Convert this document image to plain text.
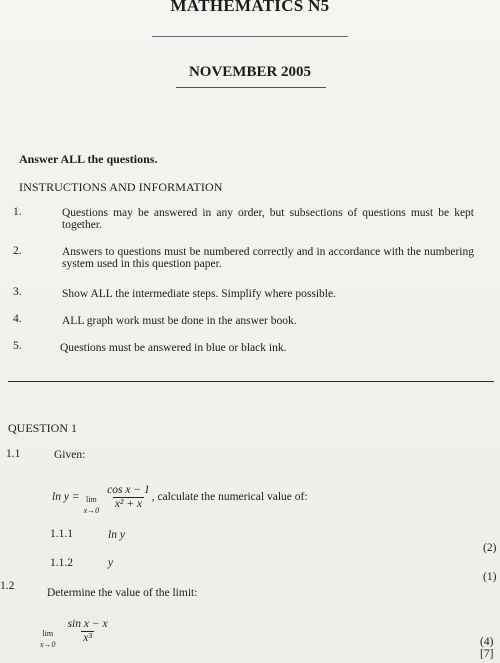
MATHEMATICS N5
NOVEMBER 2005
Answer ALL the questions.
INSTRUCTIONS AND INFORMATION
1.	Questions may be answered in any order, but subsections of questions must be kept together.
2.	Answers to questions must be numbered correctly and in accordance with the numbering system used in this question paper.
3.	Show ALL the intermediate steps. Simplify where possible.
4.	ALL graph work must be done in the answer book.
5.	Questions must be answered in blue or black ink.
QUESTION 1
1.1	Given:
ln y = lim
$x\to 0 \frac{\text{cos x − 1}}{\text{x² + x}}$ , calculate the numerical value of:
1.1.1	ln y
(2)
1.1.2	y
(1)
1.2
Determine the value of the limit:
lim
$x\to 0 \frac{\text{sin x − x}}{\text{x³}}$	(4)
[7]
